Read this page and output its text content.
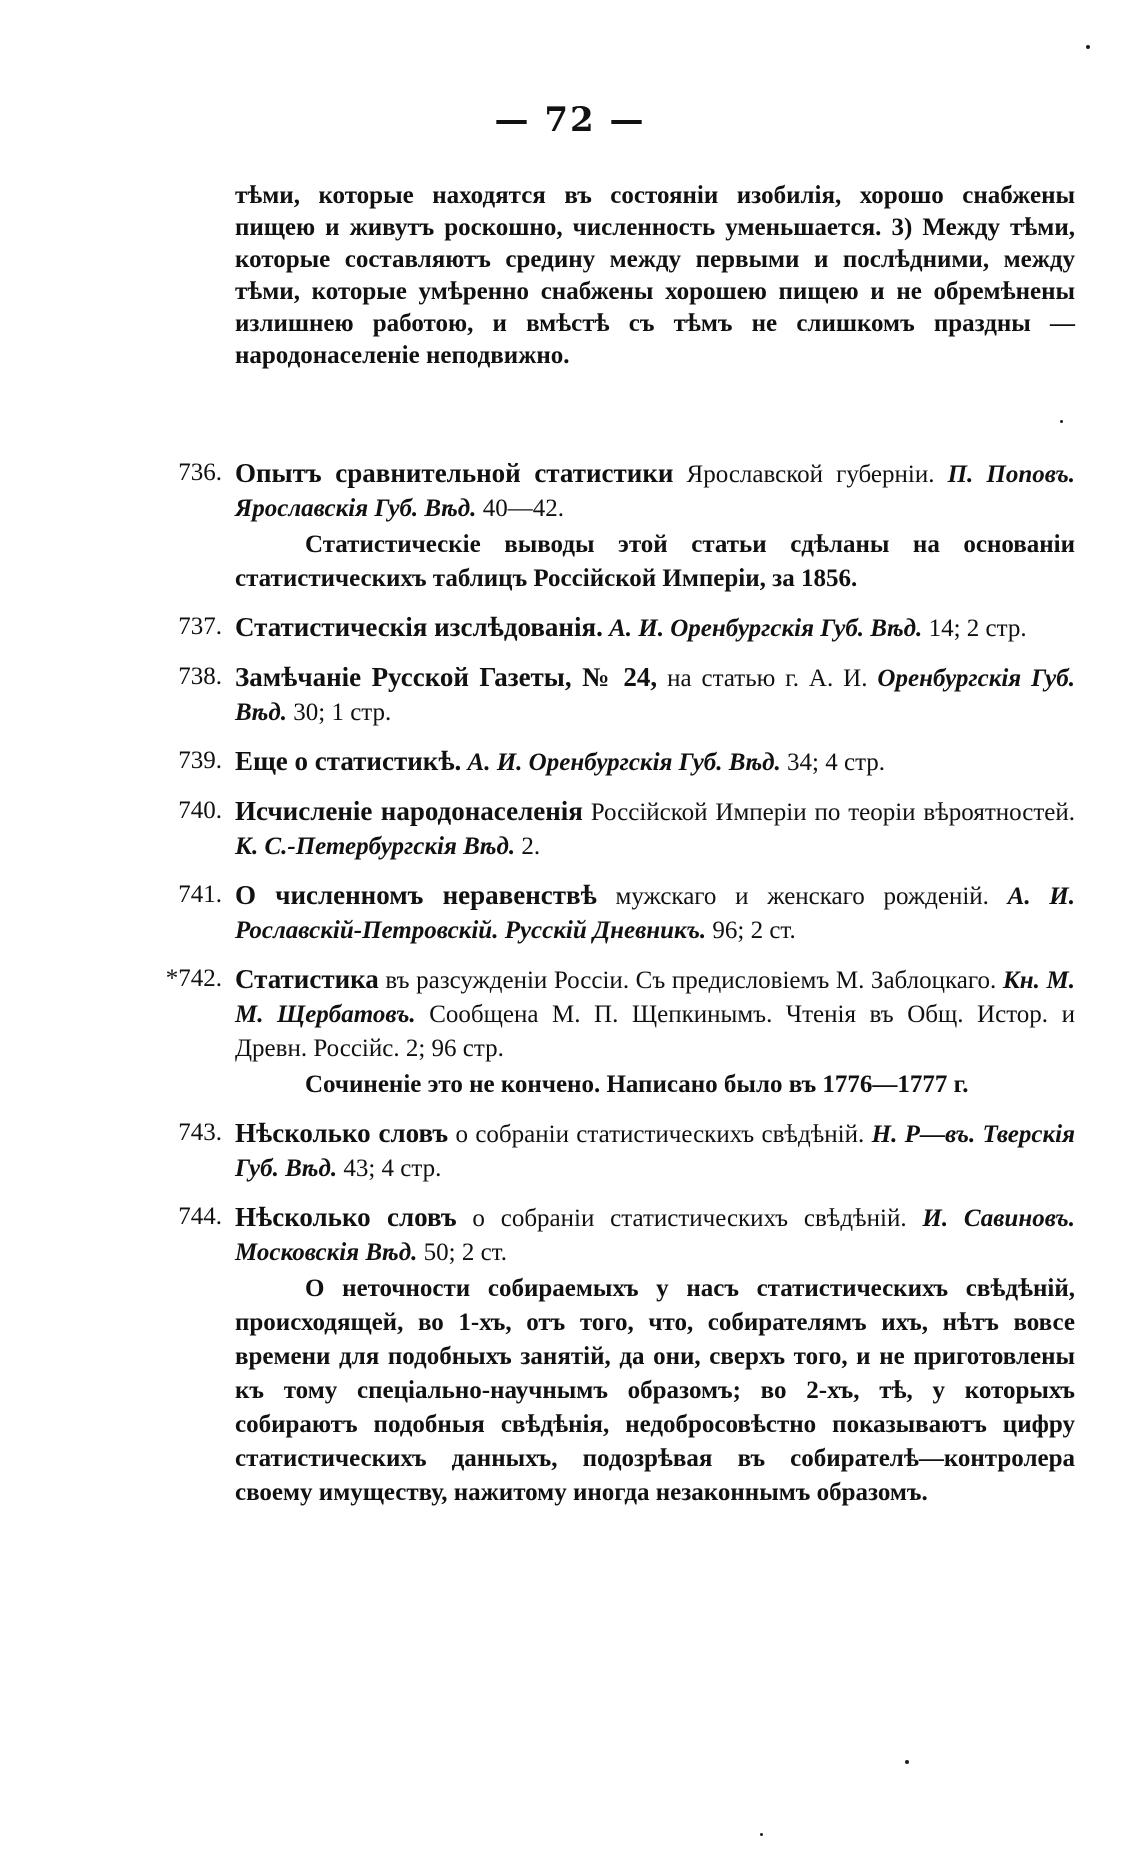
— 72 —
тѣми, которые находятся въ состояніи изобилія, хорошо снабжены пищею и живутъ роскошно, численность уменьшается. 3) Между тѣми, которые составляютъ средину между первыми и послѣдними, между тѣми, которые умѣренно снабжены хорошею пищею и не обремѣнены излишнею работою, и вмѣстѣ съ тѣмъ не слишкомъ праздны — народонаселеніе неподвижно.
736. Опытъ сравнительной статистики Ярославской губерніи. П. Поповъ. Ярославскія Губ. Вѣд. 40—42.
Статистическіе выводы этой статьи сдѣланы на основаніи статистическихъ таблицъ Россійской Имперіи, за 1856.
737. Статистическія изслѣдованія. А. И. Оренбургскія Губ. Вѣд. 14; 2 стр.
738. Замѣчаніе Русской Газеты, № 24, на статью г. А. И. Оренбургскія Губ. Вѣд. 30; 1 стр.
739. Еще о статистикѣ. А. И. Оренбургскія Губ. Вѣд. 34; 4 стр.
740. Исчисленіе народонаселенія Россійской Имперіи по теоріи вѣроятностей. К. С.-Петербургскія Вѣд. 2.
741. О численномъ неравенствѣ мужскаго и женскаго рожденій. А. И. Рославскій-Петровскій. Русскій Дневникъ. 96; 2 ст.
*742. Статистика въ разсужденіи Россіи. Съ предисловіемъ М. Заблоцкаго. Кн. М. М. Щербатовъ. Сообщена М. П. Щепкинымъ. Чтенія въ Общ. Истор. и Древн. Россійс. 2; 96 стр.
Сочиненіе это не кончено. Написано было въ 1776—1777 г.
743. Нѣсколько словъ о собраніи статистическихъ свѣдѣній. Н. Р—въ. Тверскія Губ. Вѣд. 43; 4 стр.
744. Нѣсколько словъ о собраніи статистическихъ свѣдѣній. И. Савиновъ. Московскія Вѣд. 50; 2 ст.
О неточности собираемыхъ у насъ статистическихъ свѣдѣній, происходящей, во 1-хъ, отъ того, что, собирателямъ ихъ, нѣтъ вовсе времени для подобныхъ занятій, да они, сверхъ того, и не приготовлены къ тому спеціально-научнымъ образомъ; во 2-хъ, тѣ, у которыхъ собираютъ подобныя свѣдѣнія, недобросовѣстно показываютъ цифру статистическихъ данныхъ, подозрѣвая въ собирателѣ—контролера своему имуществу, нажитому иногда незаконнымъ образомъ.
